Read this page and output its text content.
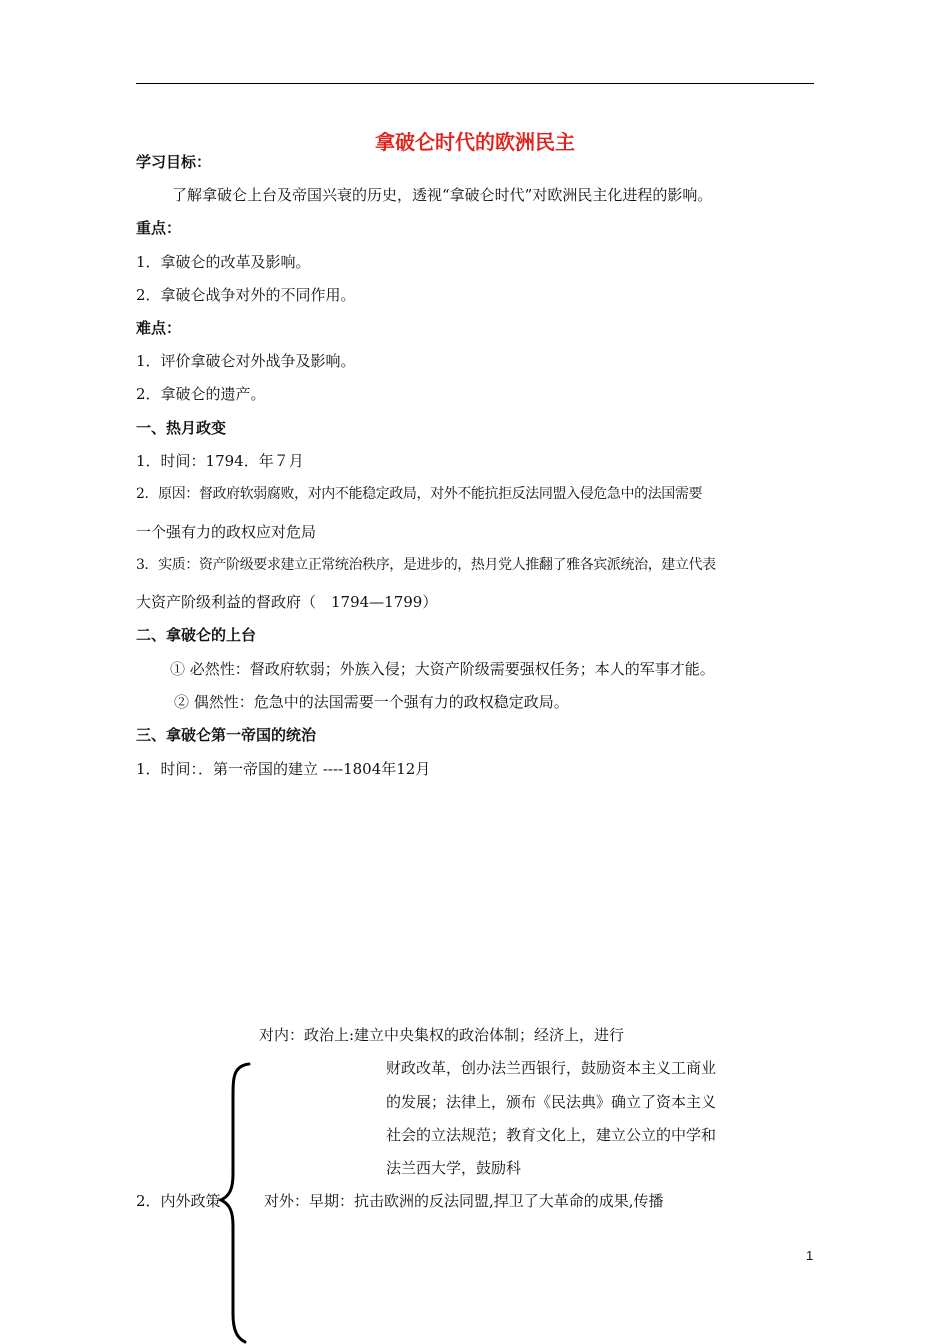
拿破仑时代的欧洲民主
学习目标：
了解拿破仑上台及帝国兴衰的历史，透视“拿破仑时代”对欧洲民主化进程的影响。
重点：
1．拿破仑的改革及影响。
2．拿破仑战争对外的不同作用。
难点：
1．评价拿破仑对外战争及影响。
2．拿破仑的遗产。
一、热月政变
1．时间：1794．年７月
2．原因：督政府软弱腐败，对内不能稳定政局，对外不能抗拒反法同盟入侵危急中的法国需要
一个强有力的政权应对危局
3．实质：资产阶级要求建立正常统治秩序，是进步的，热月党人推翻了雅各宾派统治，建立代表
大资产阶级利益的督政府（　1794—1799）
二、拿破仑的上台
① 必然性：督政府软弱；外族入侵；大资产阶级需要强权任务；本人的军事才能。
② 偶然性：危急中的法国需要一个强有力的政权稳定政局。
三、拿破仑第一帝国的统治
1．时间：．第一帝国的建立 ----1804年12月
对内：政治上:建立中央集权的政治体制；经济上，进行
财政改革，创办法兰西银行，鼓励资本主义工商业
的发展；法律上，颁布《民法典》确立了资本主义
社会的立法规范；教育文化上，建立公立的中学和
法兰西大学，鼓励科
2．内外政策	对外：早期：抗击欧洲的反法同盟,捍卫了大革命的成果,传播
1
